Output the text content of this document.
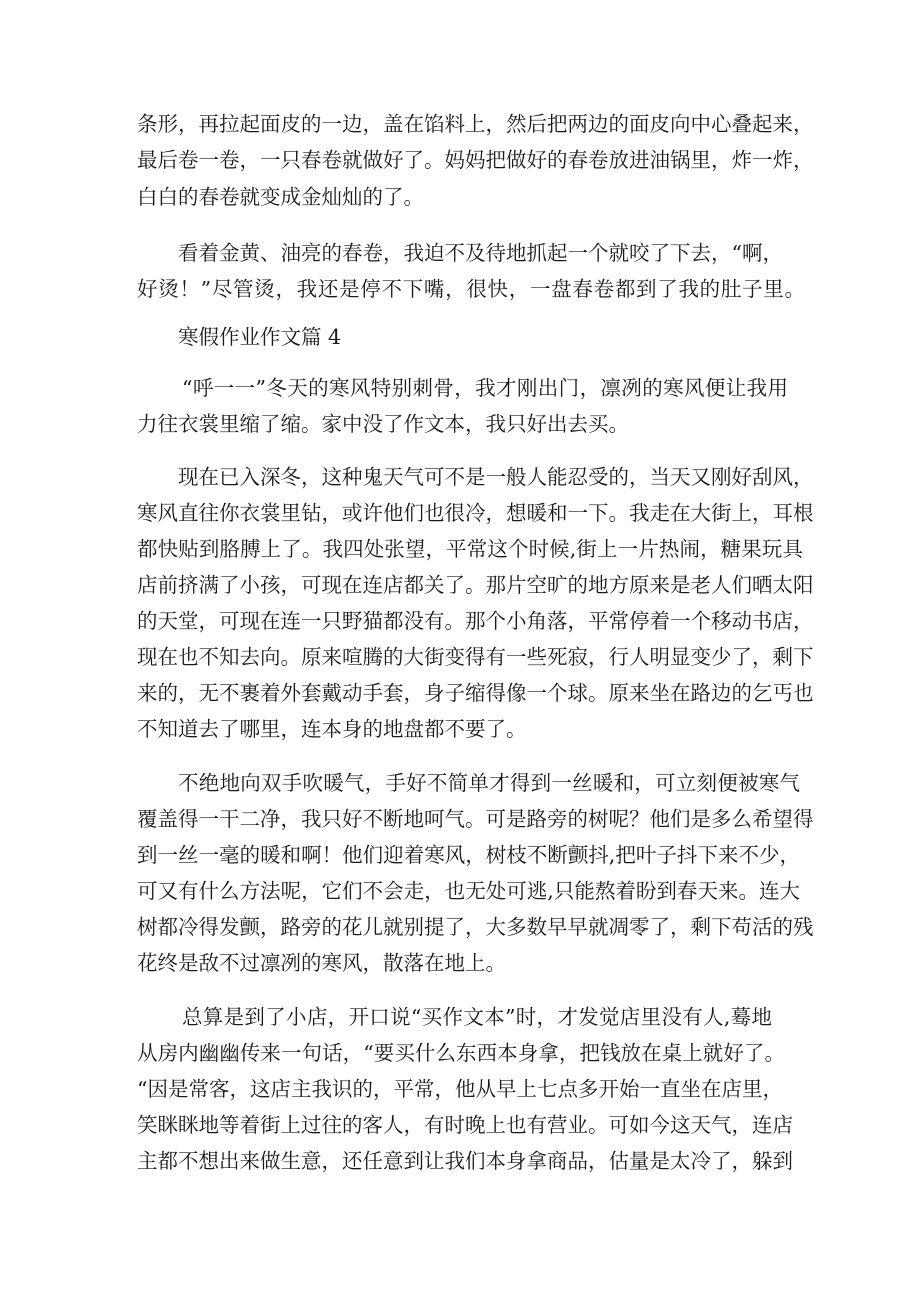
条形，再拉起面皮的一边，盖在馅料上，然后把两边的面皮向中心叠起来，
最后卷一卷，一只春卷就做好了。妈妈把做好的春卷放进油锅里，炸一炸，
白白的春卷就变成金灿灿的了。
看着金黄、油亮的春卷，我迫不及待地抓起一个就咬了下去，“啊，
好烫！”尽管烫，我还是停不下嘴，很快，一盘春卷都到了我的肚子里。
寒假作业作文篇 4
“呼一一”冬天的寒风特别刺骨，我才刚出门，凛冽的寒风便让我用
力往衣裳里缩了缩。家中没了作文本，我只好出去买。
现在已入深冬，这种鬼天气可不是一般人能忍受的，当天又刚好刮风，
寒风直往你衣裳里钻，或许他们也很冷，想暖和一下。我走在大街上，耳根
都快贴到胳膊上了。我四处张望，平常这个时候,街上一片热闹，糖果玩具
店前挤满了小孩，可现在连店都关了。那片空旷的地方原来是老人们晒太阳
的天堂，可现在连一只野猫都没有。那个小角落，平常停着一个移动书店，
现在也不知去向。原来喧腾的大街变得有一些死寂，行人明显变少了，剩下
来的，无不裹着外套戴动手套，身子缩得像一个球。原来坐在路边的乞丐也
不知道去了哪里，连本身的地盘都不要了。
不绝地向双手吹暖气，手好不简单才得到一丝暖和，可立刻便被寒气
覆盖得一干二净，我只好不断地呵气。可是路旁的树呢？他们是多么希望得
到一丝一毫的暖和啊！他们迎着寒风，树枝不断颤抖,把叶子抖下来不少，
可又有什么方法呢，它们不会走，也无处可逃,只能熬着盼到春天来。连大
树都冷得发颤，路旁的花儿就别提了，大多数早早就凋零了，剩下苟活的残
花终是敌不过凛冽的寒风，散落在地上。
总算是到了小店，开口说“买作文本”时，才发觉店里没有人,蓦地
从房内幽幽传来一句话，“要买什么东西本身拿，把钱放在桌上就好了。
“因是常客，这店主我识的，平常，他从早上七点多开始一直坐在店里，
笑眯眯地等着街上过往的客人，有时晚上也有营业。可如今这天气，连店
主都不想出来做生意，还任意到让我们本身拿商品，估量是太冷了，躲到
